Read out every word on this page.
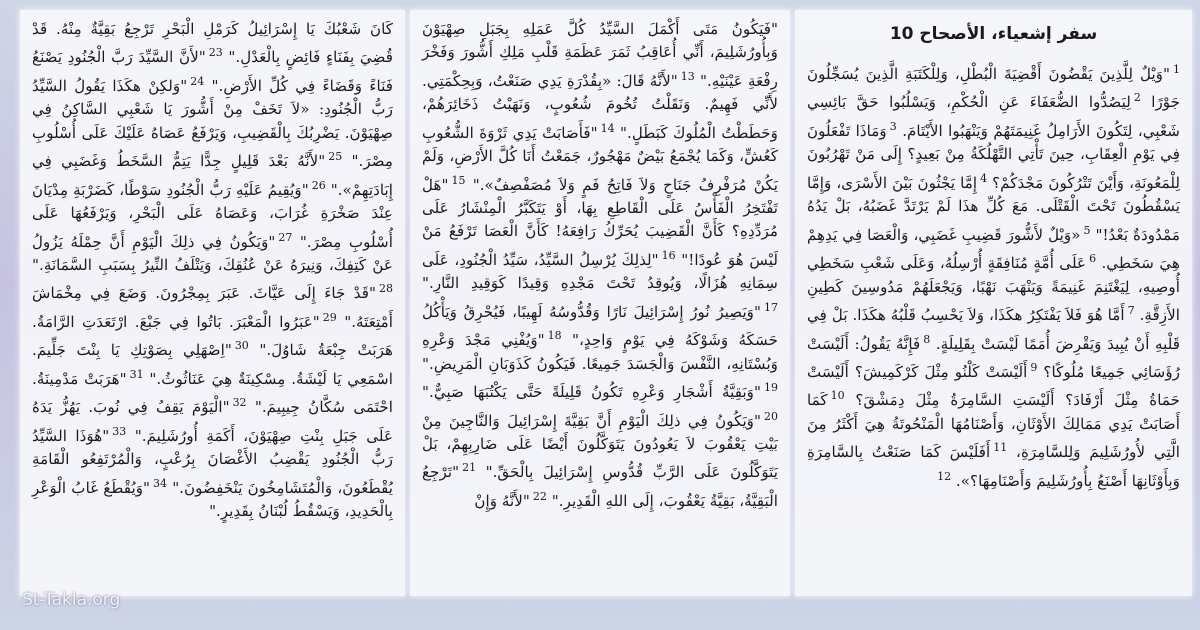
سفر إشعياء، الأصحاح 10

$^1$"وَيْلٌ لِلَّذِينَ يَقْضُونَ أَقْضِيَةَ الْبُطْلِ، وَلِلْكَتَبَةِ الَّذِينَ يُسَجِّلُونَ جَوْرًا $^2$لِيَصُدُّوا الضُّعَفَاءَ عَنِ الْحُكْمِ، وَيَسْلُبُوا حَقَّ بَائِسِي شَعْبِي، لِتَكُونَ الأَرَامِلُ غَنِيمَتَهُمْ وَيَنْهَبُوا الأَيْتَامَ. $^3$وَمَاذَا تَفْعَلُونَ فِي يَوْمِ الْعِقَابِ، حِينَ تَأْتِي التَّهْلُكَةُ مِنْ بَعِيدٍ؟ إِلَى مَنْ تَهْرُبُونَ لِلْمَعُونَةِ، وَأَيْنَ تَتْرُكُونَ مَجْدَكُمْ؟ $^4$إِمَّا يَجْثُونَ بَيْنَ الأَسْرَى، وَإِمَّا يَسْقُطُونَ تَحْتَ الْقَتْلَى. مَعَ كُلِّ هذَا لَمْ يَرْتَدَّ غَضَبُهُ، بَلْ يَدُهُ مَمْدُودَةٌ بَعْدُ!" $^5$«وَيْلٌ لأَشُّورَ قَضِيبِ غَضَبِي، وَالْعَصَا فِي يَدِهِمْ هِيَ سَخَطِي. $^6$عَلَى أُمَّةٍ مُنَافِقَةٍ أُرْسِلُهُ، وَعَلَى شَعْبِ سَخَطِي أُوصِيهِ، لِيَغْتَنِمَ غَنِيمَةً وَيَنْهَبَ نَهْبًا، وَيَجْعَلَهُمْ مَدُوسِينَ كَطِينِ الأَزِقَّةِ. $^7$أَمَّا هُوَ فَلاَ يَفْتَكِرُ هكَذَا، وَلاَ يَحْسِبُ قَلْبُهُ هكَذَا. بَلْ فِي قَلْبِهِ أَنْ يُبِيدَ وَيَقْرِضَ أُمَمًا لَيْسَتْ بِقَلِيلَةٍ. $^8$فَإِنَّهُ يَقُولُ: أَلَيْسَتْ رُؤَسَائِي جَمِيعًا مُلُوكًا؟ $^9$أَلَيْسَتْ كَلْنُو مِثْلَ كَرْكَمِيشَ؟ أَلَيْسَتْ حَمَاةُ مِثْلَ أَرْفَادَ؟ أَلَيْسَتِ السَّامِرَةُ مِثْلَ دِمَشْقَ؟ $^{10}$كَمَا أَصَابَتْ يَدِي مَمَالِكَ الأَوْثَانِ، وَأَصْنَامُهَا الْمَنْحُوتَةُ هِيَ أَكْثَرُ مِنَ الَّتِي لأُورُشَلِيمَ وَلِلسَّامِرَةِ، $^{11}$أَفَلَيْسَ كَمَا صَنَعْتُ بِالسَّامِرَةِ وَبِأَوْثَانِهَا أَصْنَعُ بِأُورُشَلِيمَ وَأَصْنَامِهَا؟». $^{12}$

"فَيَكُونُ مَتَى أَكْمَلَ السَّيِّدُ كُلَّ عَمَلِهِ بِجَبَلِ صِهْيَوْنَ وَبِأُورُشَلِيمَ، أَنِّي أُعَاقِبُ ثَمَرَ عَظَمَةِ قَلْبِ مَلِكِ أَشُّورَ وَفَخْرَ رِفْعَةِ عَيْنَيْهِ." $^{13}$"لأَنَّهُ قَالَ: «بِقُدْرَةِ يَدِي صَنَعْتُ، وَبِحِكْمَتِي. لأَنِّي فَهِيمٌ. وَنَقَلْتُ تُخُومَ شُعُوبٍ، وَنَهَبْتُ ذَخَائِرَهُمْ، وَحَطَطْتُ الْمُلُوكَ كَبَطَلٍ." $^{14}$"فَأَصَابَتْ يَدِي ثَرْوَةَ الشُّعُوبِ كَعُشٍّ، وَكَمَا يُجْمَعُ بَيْضٌ مَهْجُورٌ، جَمَعْتُ أَنَا كُلَّ الأَرْضِ، وَلَمْ يَكُنْ مُرَفْرِفُ جَنَاحٍ وَلاَ فَاتِحُ فَمٍ وَلاَ مُصَفْصِفٌ»." $^{15}$"هَلْ تَفْتَخِرُ الْفَأْسُ عَلَى الْقَاطِعِ بِهَا، أَوْ يَتَكَبَّرُ الْمِنْشَارُ عَلَى مُرَدِّدِهِ؟ كَأَنَّ الْقَضِيبَ يُحَرِّكُ رَافِعَهُ! كَأَنَّ الْعَصَا تَرْفَعُ مَنْ لَيْسَ هُوَ عُودًا!" $^{16}$"لِذلِكَ يُرْسِلُ السَّيِّدُ، سَيِّدُ الْجُنُودِ، عَلَى سِمَانِهِ هُزَالًا، وَيُوقِدُ تَحْتَ مَجْدِهِ وَقِيدًا كَوَقِيدِ النَّارِ." $^{17}$"وَيَصِيرُ نُورُ إِسْرَائِيلَ نَارًا وَقُدُّوسُهُ لَهِيبًا، فَيُحْرِقُ وَيَأْكُلُ حَسَكَهُ وَشَوْكَهُ فِي يَوْمٍ وَاحِدٍ،" $^{18}$"وَيُفْنِي مَجْدَ وَعْرِهِ وَبُسْتَانِهِ، النَّفْسَ وَالْجَسَدَ جَمِيعًا. فَيَكُونُ كَذَوَبَانِ الْمَرِيضِ." $^{19}$"وَبَقِيَّةُ أَشْجَارِ وَعْرِهِ تَكُونُ قَلِيلَةً حَتَّى يَكْتُبَهَا صَبِيٌّ." $^{20}$"وَيَكُونُ فِي ذلِكَ الْيَوْمِ أَنَّ بَقِيَّةَ إِسْرَائِيلَ وَالنَّاجِينَ مِنْ بَيْتِ يَعْقُوبَ لاَ يَعُودُونَ يَتَوَكَّلُونَ أَيْضًا عَلَى ضَارِبِهِمْ، بَلْ يَتَوَكَّلُونَ عَلَى الرَّبِّ قُدُّوسِ إِسْرَائِيلَ بِالْحَقِّ." $^{21}$"تَرْجِعُ الْبَقِيَّةُ، بَقِيَّةُ يَعْقُوبَ، إِلَى اللهِ الْقَدِيرِ." $^{22}$"لأَنَّهُ وَإِنْ

كَانَ شَعْبُكَ يَا إِسْرَائِيلُ كَرَمْلِ الْبَحْرِ تَرْجِعُ بَقِيَّةٌ مِنْهُ. قَدْ قُضِيَ بِفَنَاءٍ فَائِضٍ بِالْعَدْلِ." $^{23}$"لأَنَّ السَّيِّدَ رَبَّ الْجُنُودِ يَصْنَعُ فَنَاءً وَقَضَاءً فِي كُلِّ الأَرْضِ." $^{24}$"وَلكِنْ هكَذَا يَقُولُ السَّيِّدُ رَبُّ الْجُنُودِ: «لاَ تَخَفْ مِنْ أَشُّورَ يَا شَعْبِي السَّاكِنُ فِي صِهْيَوْنَ. يَضْرِبُكَ بِالْقَضِيبِ، وَيَرْفَعُ عَصَاهُ عَلَيْكَ عَلَى أُسْلُوبِ مِصْرَ." $^{25}$"لأَنَّهُ بَعْدَ قَلِيلٍ جِدًّا يَتِمُّ السَّخَطُ وَغَضَبِي فِي إِبَادَتِهِمْ»." $^{26}$"وَيُقِيمُ عَلَيْهِ رَبُّ الْجُنُودِ سَوْطًا، كَضَرْبَةِ مِدْيَانَ عِنْدَ صَخْرَةِ غُرَابَ، وَعَصَاهُ عَلَى الْبَحْرِ، وَيَرْفَعُهَا عَلَى أُسْلُوبِ مِصْرَ." $^{27}$"وَيَكُونُ فِي ذلِكَ الْيَوْمِ أَنَّ حِمْلَهُ يَزُولُ عَنْ كَتِفِكَ، وَنِيرَهُ عَنْ عُنُقِكَ، وَيَتْلَفُ النِّيرُ بِسَبَبِ السَّمَانَةِ." $^{28}$"قَدْ جَاءَ إِلَى عَيَّاثَ. عَبَرَ بِمِجْرُونَ. وَضَعَ فِي مِخْمَاشَ أَمْتِعَتَهُ." $^{29}$"عَبَرُوا الْمَعْبَرَ. بَاتُوا فِي جَبْعَ. ارْتَعَدَتِ الرَّامَةُ. هَرَبَتْ جِبْعَةُ شَاوُلَ." $^{30}$"اِصْهَلِي بِصَوْتِكِ يَا بِنْتَ جَلِّيمَ. اسْمَعِي يَا لَيْشَةُ. مِسْكِينَةٌ هِيَ عَنَاثُوثُ." $^{31}$"هَرَبَتْ مَدْمِينَةُ. احْتَمَى سُكَّانُ جِيبِيمَ." $^{32}$"الْيَوْمَ يَقِفُ فِي نُوبَ. يَهُزُّ يَدَهُ عَلَى جَبَلِ بِنْتِ صِهْيَوْنَ، أَكَمَةِ أُورُشَلِيمَ." $^{33}$"هُوَذَا السَّيِّدُ رَبُّ الْجُنُودِ يَقْضِبُ الأَغْصَانَ بِرُعْبٍ، وَالْمُرْتَفِعُو الْقَامَةِ يُقْطَعُونَ، وَالْمُتَشَامِخُونَ يَنْخَفِضُونَ." $^{34}$"وَيُقْطَعُ غَابُ الْوَعْرِ بِالْحَدِيدِ، وَيَسْقُطُ لُبْنَانُ بِقَدِيرٍ."

St-Takla.org
